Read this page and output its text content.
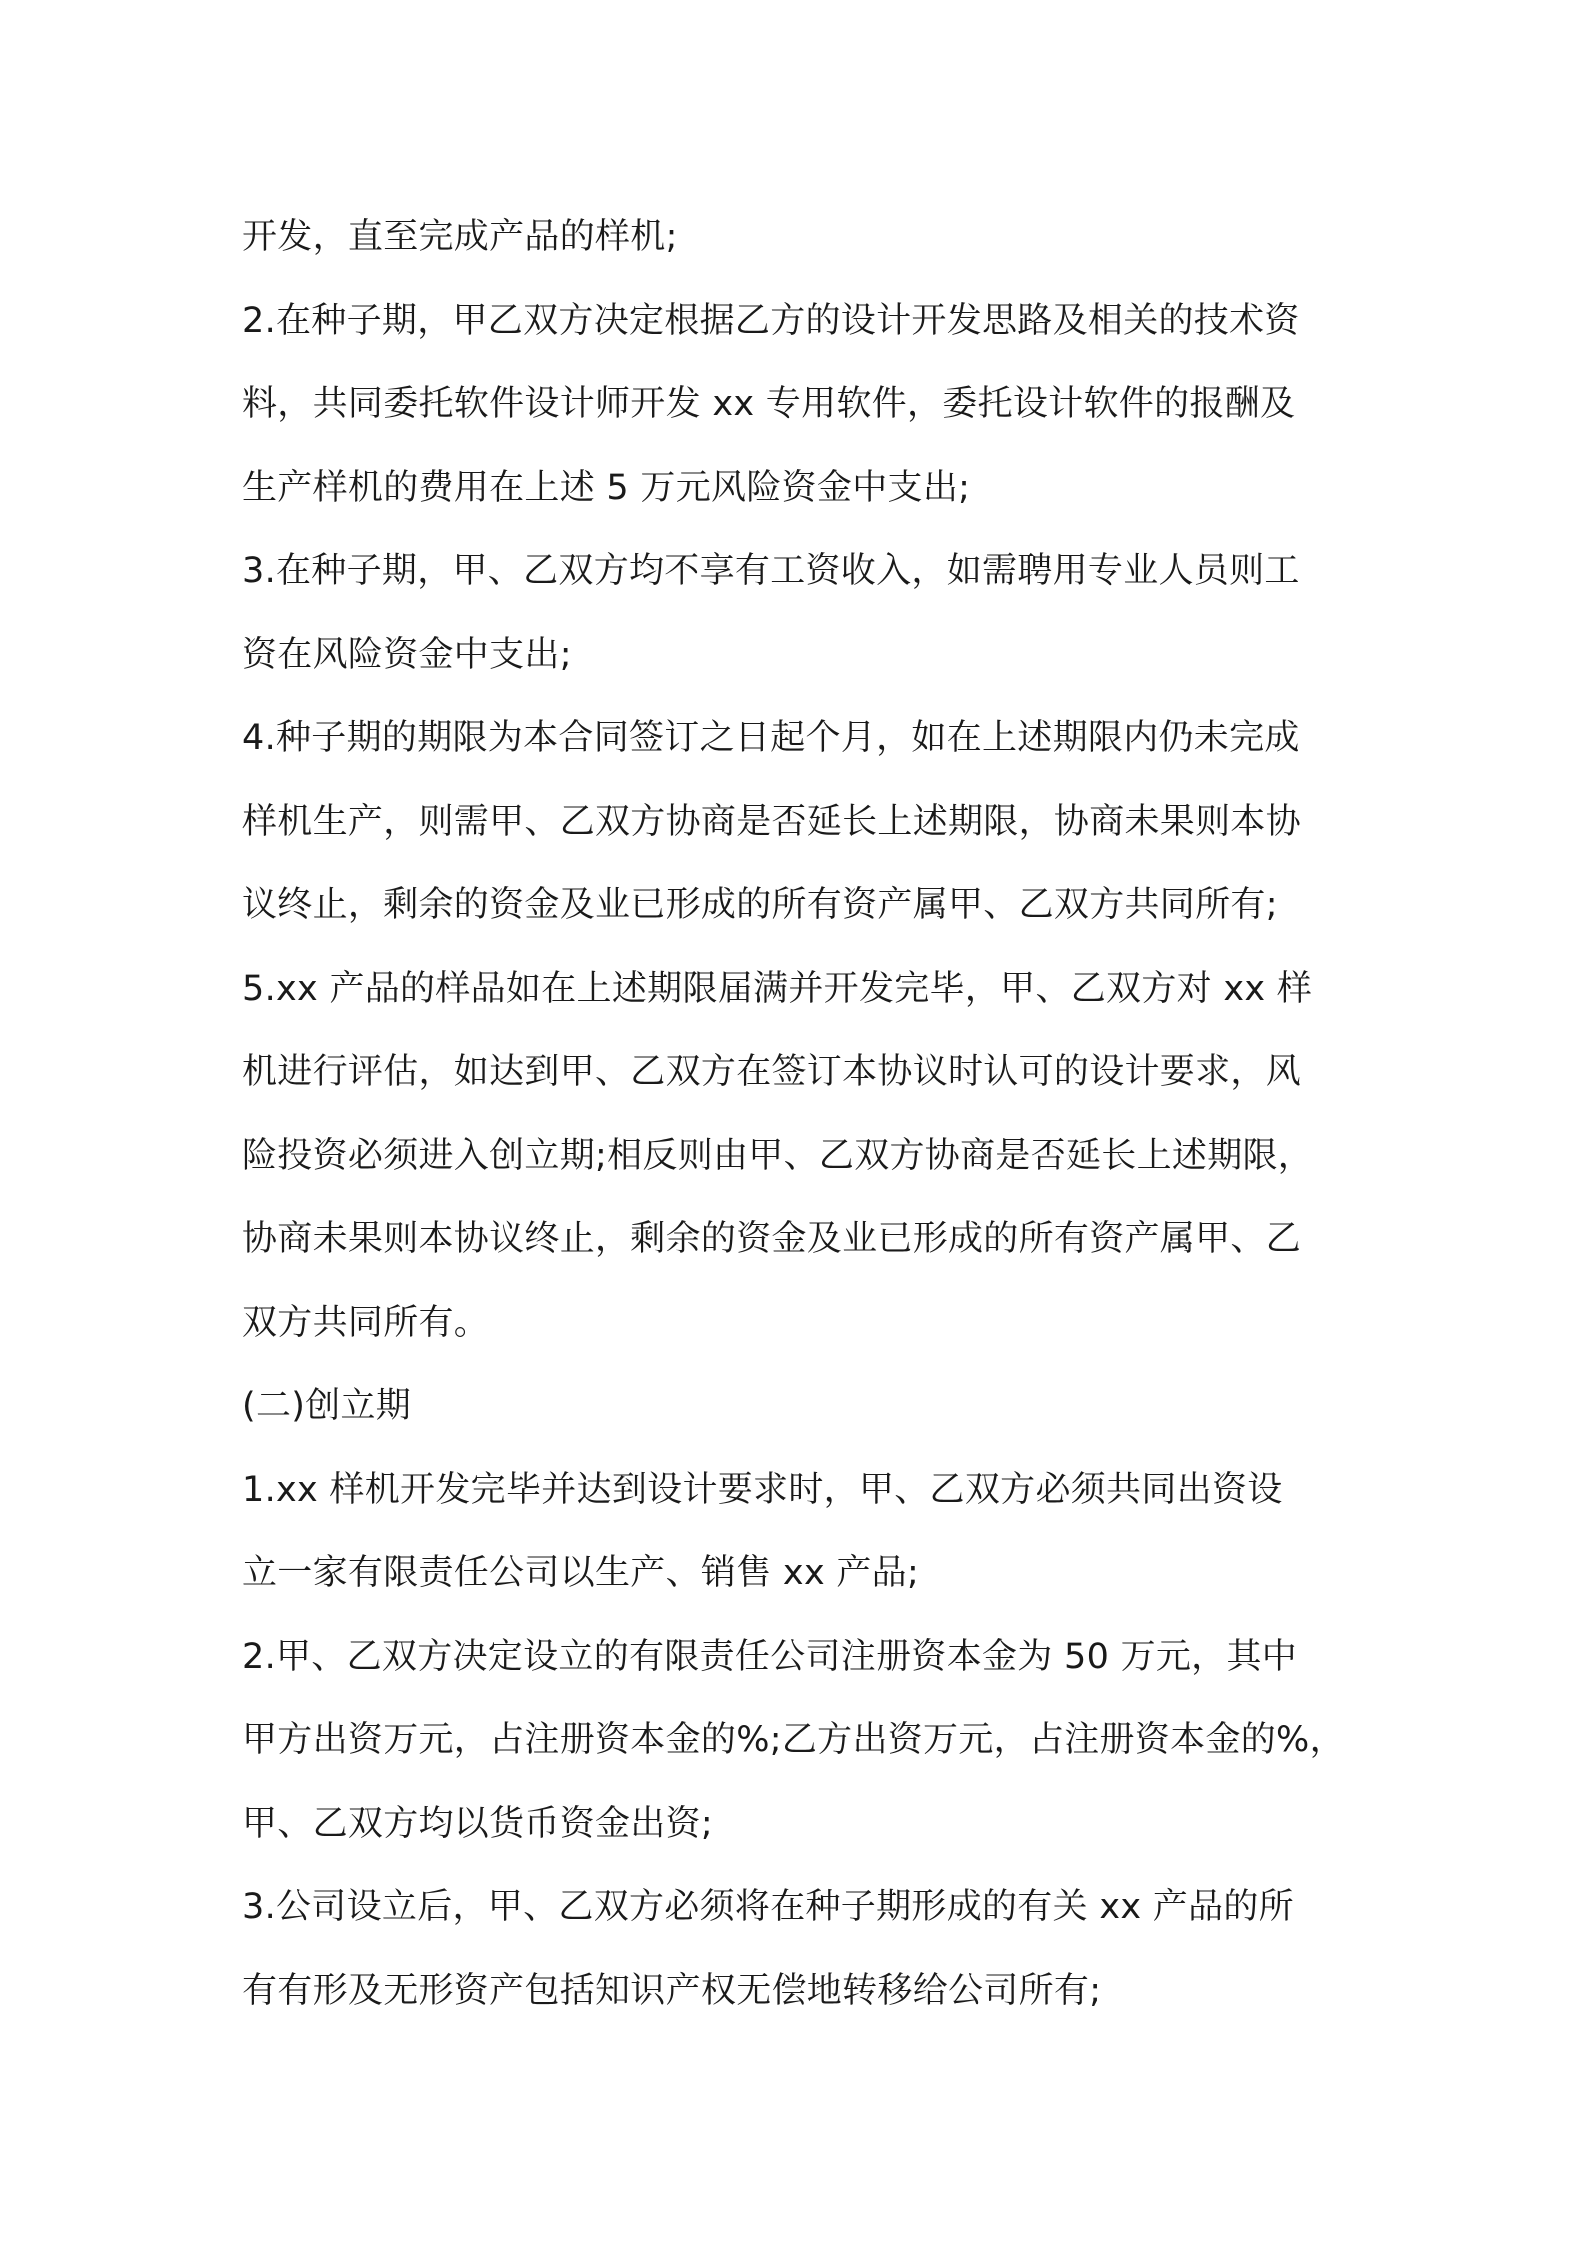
开发，直至完成产品的样机;
2.在种子期，甲乙双方决定根据乙方的设计开发思路及相关的技术资
料，共同委托软件设计师开发 xx 专用软件，委托设计软件的报酬及
生产样机的费用在上述 5 万元风险资金中支出;
3.在种子期，甲、乙双方均不享有工资收入，如需聘用专业人员则工
资在风险资金中支出;
4.种子期的期限为本合同签订之日起个月，如在上述期限内仍未完成
样机生产，则需甲、乙双方协商是否延长上述期限，协商未果则本协
议终止，剩余的资金及业已形成的所有资产属甲、乙双方共同所有;
5.xx 产品的样品如在上述期限届满并开发完毕，甲、乙双方对 xx 样
机进行评估，如达到甲、乙双方在签订本协议时认可的设计要求，风
险投资必须进入创立期;相反则由甲、乙双方协商是否延长上述期限，
协商未果则本协议终止，剩余的资金及业已形成的所有资产属甲、乙
双方共同所有。
(二)创立期
1.xx 样机开发完毕并达到设计要求时，甲、乙双方必须共同出资设
立一家有限责任公司以生产、销售 xx 产品;
2.甲、乙双方决定设立的有限责任公司注册资本金为 50 万元，其中
甲方出资万元，占注册资本金的%;乙方出资万元，占注册资本金的%，
甲、乙双方均以货币资金出资;
3.公司设立后，甲、乙双方必须将在种子期形成的有关 xx 产品的所
有有形及无形资产包括知识产权无偿地转移给公司所有;
